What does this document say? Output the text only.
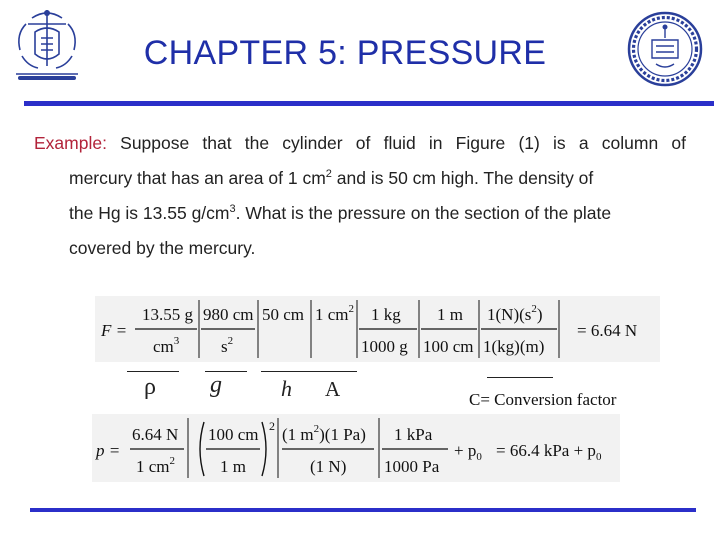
CHAPTER 5: PRESSURE
Example: Suppose that the cylinder of fluid in Figure (1) is a column of
mercury that has an area of 1 $cm^2$ and is 50 cm high. The density of
the Hg is 13.55 $g/cm^3$. What is the pressure on the section of the plate
covered by the mercury.
F =
13.55 g
$cm^3$
980 cm
$s^2$
50 cm 1 $cm^2$ 1 kg
1000 g
1 m
100 cm
$1(N)(s^2)$
1(kg)(m)
= 6.64 N
ρ g	h A	C= Conversion factor
p =
6.64 N
1 $cm^2$
100 cm
1 m
2 (1 $m^2)(1$ Pa)
(1 N)
1 kPa
1000 Pa
+ $p_0 = 66.4$ kPa + $p_0$
